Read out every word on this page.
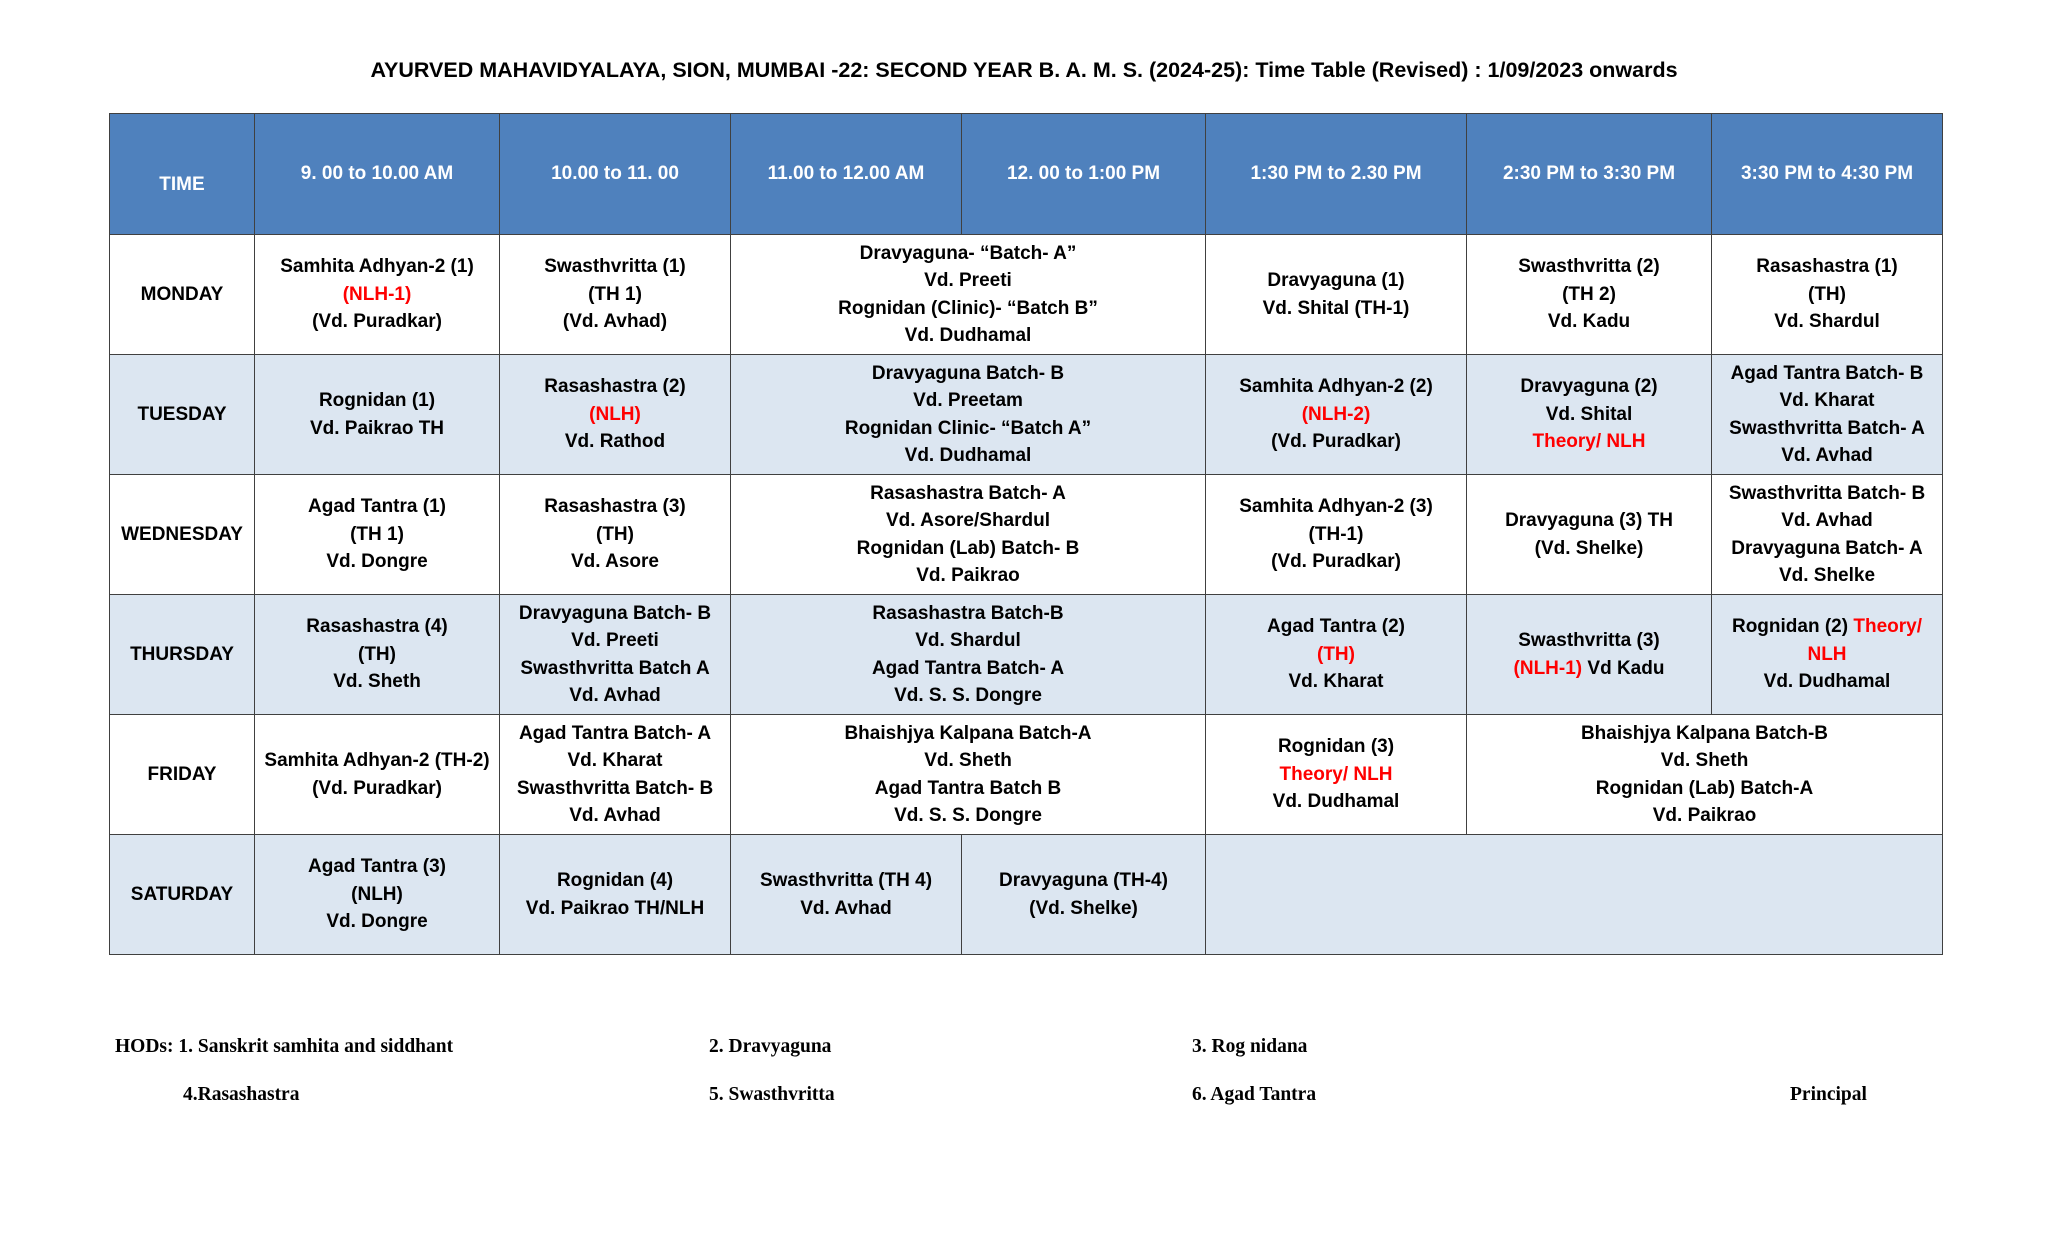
AYURVED MAHAVIDYALAYA, SION, MUMBAI -22: SECOND YEAR B. A. M. S. (2024-25): Time Table (Revised) : 1/09/2023 onwards
TIME	9. 00 to 10.00 AM	10.00 to 11. 00	11.00 to 12.00 AM	12. 00 to 1:00 PM	1:30 PM to 2.30 PM	2:30 PM to 3:30 PM	3:30 PM to 4:30 PM
MONDAY	Samhita Adhyan-2 (1)
(NLH-1)
(Vd. Puradkar)	Swasthvritta (1)
(TH 1)
(Vd. Avhad)	Dravyaguna- “Batch- A”
Vd. Preeti
Rognidan (Clinic)- “Batch B”
Vd. Dudhamal		Dravyaguna (1)
Vd. Shital (TH-1)	Swasthvritta (2)
(TH 2)
Vd. Kadu	Rasashastra (1)
(TH)
Vd. Shardul

TUESDAY	Rognidan (1)
Vd. Paikrao TH	Rasashastra (2)
(NLH)
Vd. Rathod	Dravyaguna Batch- B
Vd. Preetam
Rognidan Clinic- “Batch A”
Vd. Dudhamal		Samhita Adhyan-2 (2)
(NLH-2)
(Vd. Puradkar)	Dravyaguna (2)
Vd. Shital
Theory/ NLH	Agad Tantra Batch- B
Vd. Kharat
Swasthvritta Batch- A
Vd. Avhad

WEDNESDAY	Agad Tantra (1)
(TH 1)
Vd. Dongre	Rasashastra (3)
(TH)
Vd. Asore	Rasashastra Batch- A
Vd. Asore/Shardul
Rognidan (Lab) Batch- B
Vd. Paikrao		Samhita Adhyan-2 (3)
(TH-1)
(Vd. Puradkar)	Dravyaguna (3) TH
(Vd. Shelke)	Swasthvritta Batch- B
Vd. Avhad
Dravyaguna Batch- A
Vd. Shelke

THURSDAY	Rasashastra (4)
(TH)
Vd. Sheth	Dravyaguna Batch- B
Vd. Preeti
Swasthvritta Batch A
Vd. Avhad	Rasashastra Batch-B
Vd. Shardul
Agad Tantra Batch- A
Vd. S. S. Dongre		Agad Tantra (2)
(TH)
Vd. Kharat	Swasthvritta (3)
(NLH-1) Vd Kadu	Rognidan (2) Theory/
NLH
Vd. Dudhamal

FRIDAY	Samhita Adhyan-2 (TH-2)
(Vd. Puradkar)	Agad Tantra Batch- A
Vd. Kharat
Swasthvritta Batch- B
Vd. Avhad	Bhaishjya Kalpana Batch-A
Vd. Sheth
Agad Tantra Batch B
Vd. S. S. Dongre		Rognidan (3)
Theory/ NLH
Vd. Dudhamal	Bhaishjya Kalpana Batch-B
Vd. Sheth
Rognidan (Lab) Batch-A
Vd. Paikrao	

SATURDAY	Agad Tantra (3)
(NLH)
Vd. Dongre	Rognidan (4)
Vd. Paikrao TH/NLH	Swasthvritta (TH 4)
Vd. Avhad	Dravyaguna (TH-4)
(Vd. Shelke)			

HODs: 1. Sanskrit samhita and siddhant	2. Dravyaguna	3. Rog nidana
4.Rasashastra	5. Swasthvritta	6. Agad Tantra	Principal
